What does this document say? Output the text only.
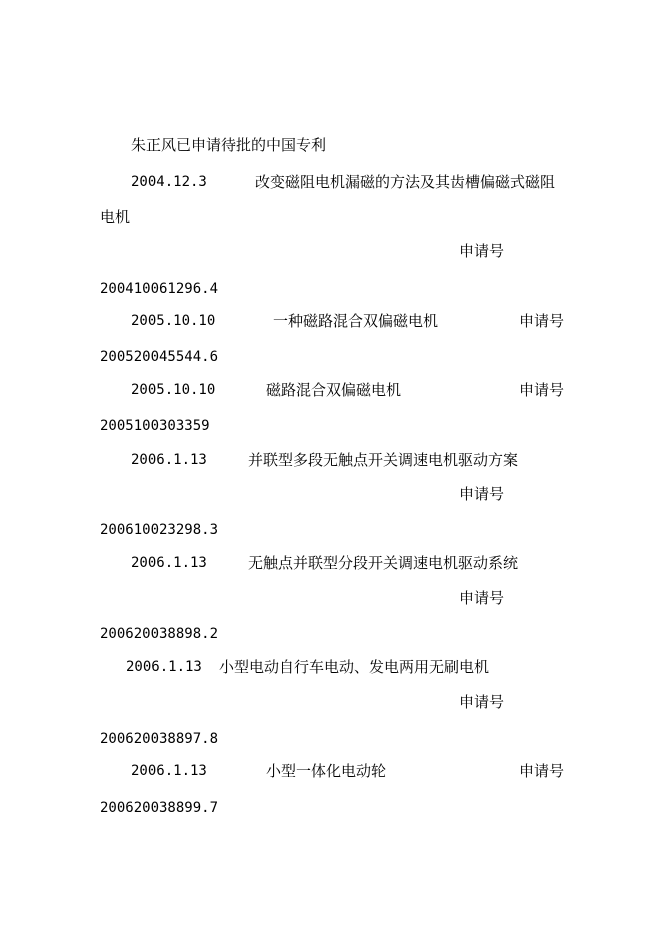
朱正风已申请待批的中国专利
2004.12.3	改变磁阻电机漏磁的方法及其齿槽偏磁式磁阻
电机
申请号
200410061296.4
2005.10.10	一种磁路混合双偏磁电机	申请号
200520045544.6
2005.10.10	磁路混合双偏磁电机	申请号
2005100303359
2006.1.13	并联型多段无触点开关调速电机驱动方案
申请号
200610023298.3
2006.1.13	无触点并联型分段开关调速电机驱动系统
申请号
200620038898.2
2006.1.13 小型电动自行车电动、发电两用无刷电机
申请号
200620038897.8
2006.1.13	小型一体化电动轮	申请号
200620038899.7
